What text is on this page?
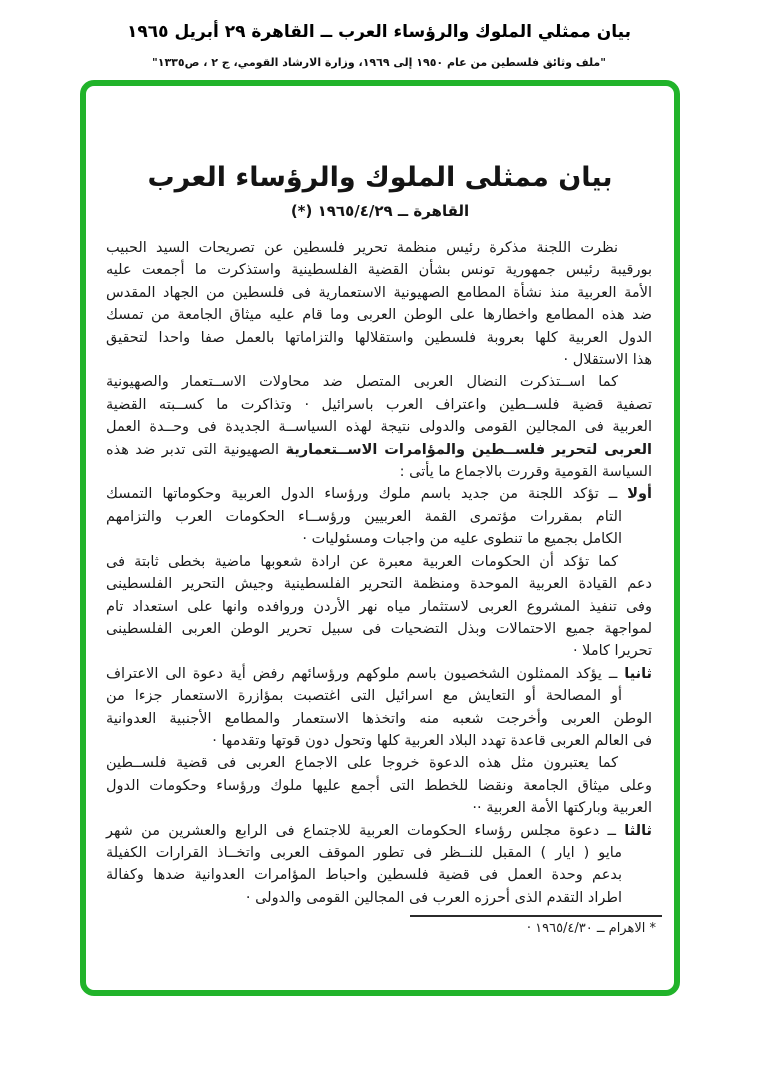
بيان ممثلي الملوك والرؤساء العرب ــ القاهرة ٢٩ أبريل ١٩٦٥
"ملف وثائق فلسطين من عام ١٩٥٠ إلى ١٩٦٩، وزارة الارشاد القومي، ج ٢ ، ص١٣٣٥"
بيان ممثلى الملوك والرؤساء العرب
القاهرة ــ ١٩٦٥/٤/٢٩ (*)
نظرت اللجنة مذكرة رئيس منظمة تحرير فلسطين عن تصريحات السيد الحبيب
بورقيبة رئيس جمهورية تونس بشأن القضية الفلسطينية واستذكرت ما أجمعت عليه
الأمة العربية منذ نشأة المطامع الصهيونية الاستعمارية فى فلسطين من الجهاد المقدس
ضد هذه المطامع واخطارها على الوطن العربى وما قام عليه ميثاق الجامعة من تمسك
الدول العربية كلها بعروبة فلسطين واستقلالها والتزاماتها بالعمل صفا واحدا لتحقيق
هذا الاستقلال ·
كما اســتذكرت النضال العربى المتصل ضد محاولات الاســتعمار والصهيونية
تصفية قضية فلســطين واعتراف العرب باسرائيل · وتذاكرت ما كســبته القضية
العربية فى المجالين القومى والدولى نتيجة لهذه السياســة الجديدة فى وحــدة العمل
العربى لتحرير فلســطين والمؤامرات الاســتعمارية الصهيونية التى تدبر ضد هذه
السياسة القومية وقررت بالاجماع ما يأتى :
أولا ــ تؤكد اللجنة من جديد باسم ملوك ورؤساء الدول العربية وحكوماتها التمسك
التام بمقررات مؤتمرى القمة العربيين ورؤســاء الحكومات العرب والتزامهم
الكامل بجميع ما تنطوى عليه من واجبات ومسئوليات ·
كما تؤكد أن الحكومات العربية معبرة عن ارادة شعوبها ماضية بخطى ثابتة فى
دعم القيادة العربية الموحدة ومنظمة التحرير الفلسطينية وجيش التحرير الفلسطينى
وفى تنفيذ المشروع العربى لاستثمار مياه نهر الأردن وروافده وانها على استعداد تام
لمواجهة جميع الاحتمالات وبذل التضحيات فى سبيل تحرير الوطن العربى الفلسطينى
تحريرا كاملا ·
ثانيا ــ يؤكد الممثلون الشخصيون باسم ملوكهم ورؤسائهم رفض أية دعوة الى الاعتراف
أو المصالحة أو التعايش مع اسرائيل التى اغتصبت بمؤازرة الاستعمار جزءا من
الوطن العربى وأخرجت شعبه منه واتخذها الاستعمار والمطامع الأجنبية العدوانية
فى العالم العربى قاعدة تهدد البلاد العربية كلها وتحول دون قوتها وتقدمها ·
كما يعتبرون مثل هذه الدعوة خروجا على الاجماع العربى فى قضية فلســطين
وعلى ميثاق الجامعة ونقضا للخطط التى أجمع عليها ملوك ورؤساء وحكومات الدول
العربية وباركتها الأمة العربية ··
ثالثا ــ دعوة مجلس رؤساء الحكومات العربية للاجتماع فى الرابع والعشرين من شهر
مايو ( ايار ) المقبل للنــظر فى تطور الموقف العربى واتخــاذ القرارات الكفيلة
بدعم وحدة العمل فى قضية فلسطين واحباط المؤامرات العدوانية ضدها وكفالة
اطراد التقدم الذى أحرزه العرب فى المجالين القومى والدولى ·
* الاهرام ــ ١٩٦٥/٤/٣٠ ·
